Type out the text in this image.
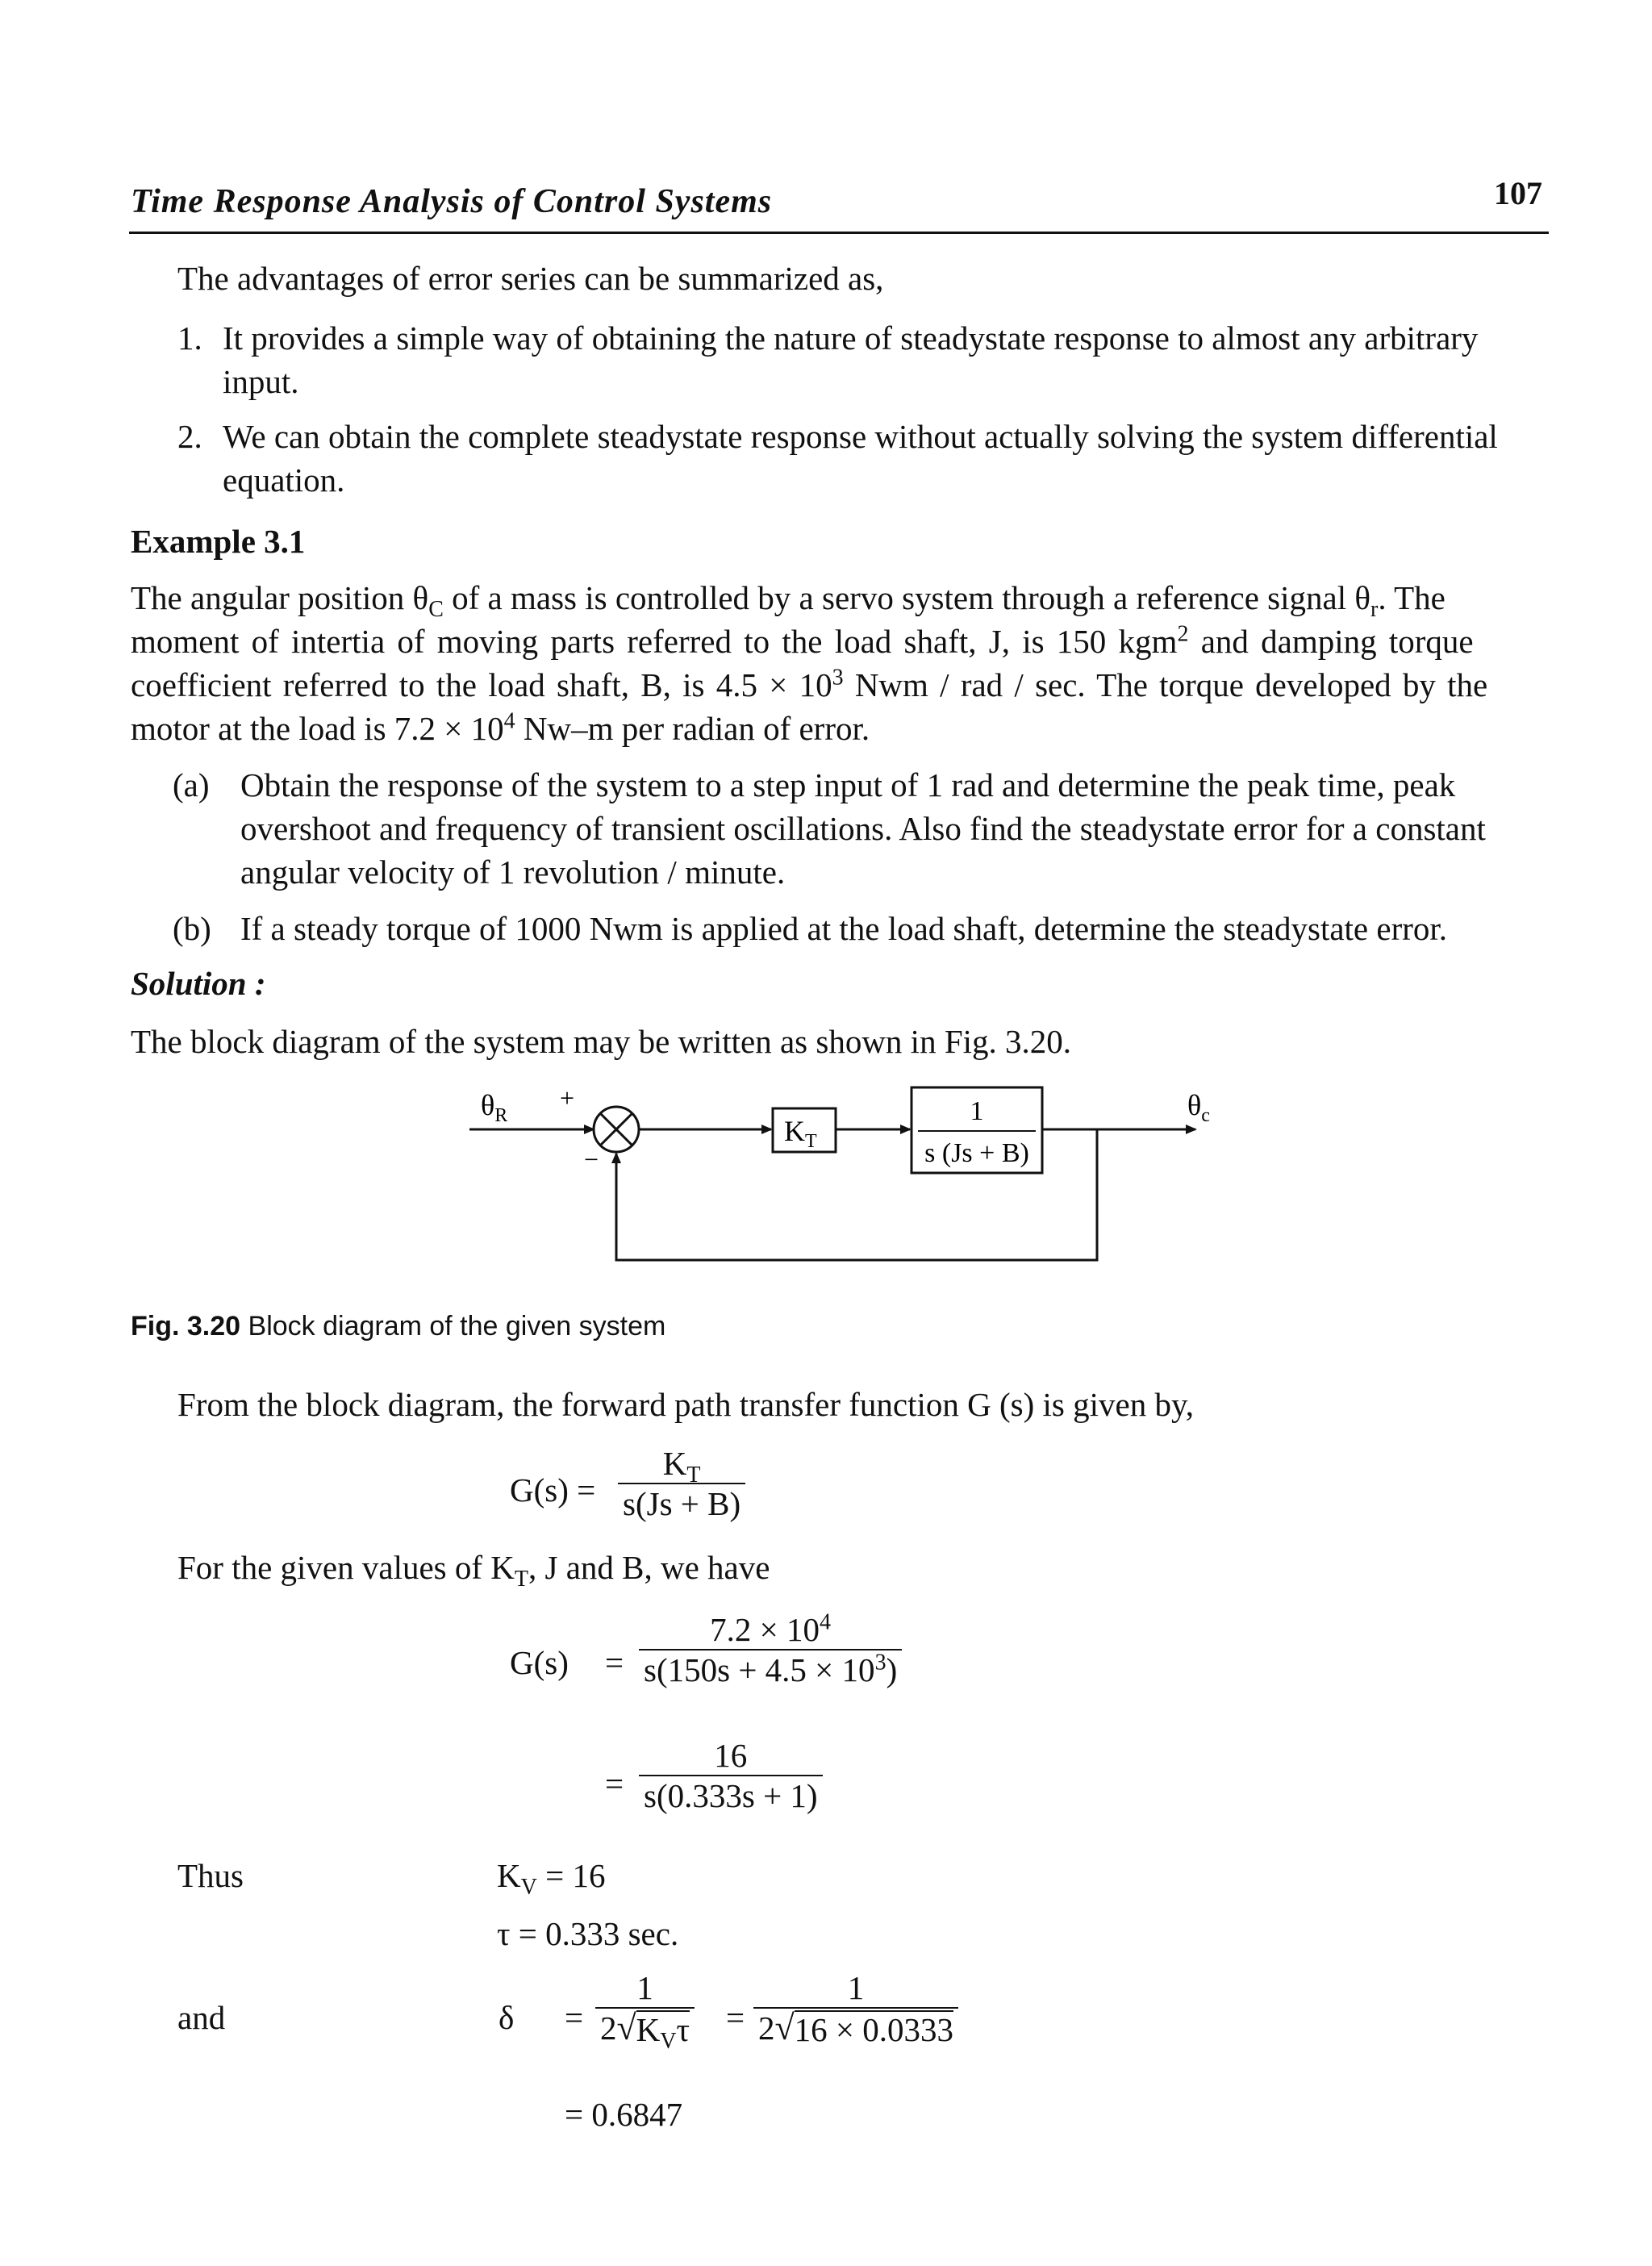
Time Response Analysis of Control Systems	107
The advantages of error series can be summarized as,
1. It provides a simple way of obtaining the nature of steadystate response to almost any arbitrary
input.
2. We can obtain the complete steadystate response without actually solving the system differential
equation.
Example 3.1
The angular position $\theta_C$ of a mass is controlled by a servo system through a reference signal $\theta_r$. The
moment of intertia of moving parts referred to the load shaft, J, is 150 kgm$^2$ and damping torque
coefficient referred to the load shaft, B, is $4.5 \times 10^3$ Nwm / rad / sec. The torque developed by the
motor at the load is $7.2 \times 10^4$ Nw–m per radian of error.
(a) Obtain the response of the system to a step input of 1 rad and determine the peak time, peak
overshoot and frequency of transient oscillations. Also find the steadystate error for a constant
angular velocity of 1 revolution / minute.
(b) If a steady torque of 1000 Nwm is applied at the load shaft, determine the steadystate error.
Solution :
The block diagram of the system may be written as shown in Fig. 3.20.
$\theta_R$
+
−
$K_T$
1
s (Js + B)
$\theta_c$
Fig. 3.20 Block diagram of the given system
From the block diagram, the forward path transfer function G (s) is given by,
$G(s) = \frac{K_T}{s(Js + B)}$
For the given values of $K_T$, J and B, we have
$G(s) = \frac{7.2 \times 10^4}{s(150s + 4.5 \times 10^3)}$
= $\frac{16}{s(0.333s + 1)}$
Thus	$K_V = 16$
τ = 0.333 sec.
and	δ =
1
2 √ $K_V\tau = \frac{1}{2 √ 16 \times 0.0333}$
= 0.6847
